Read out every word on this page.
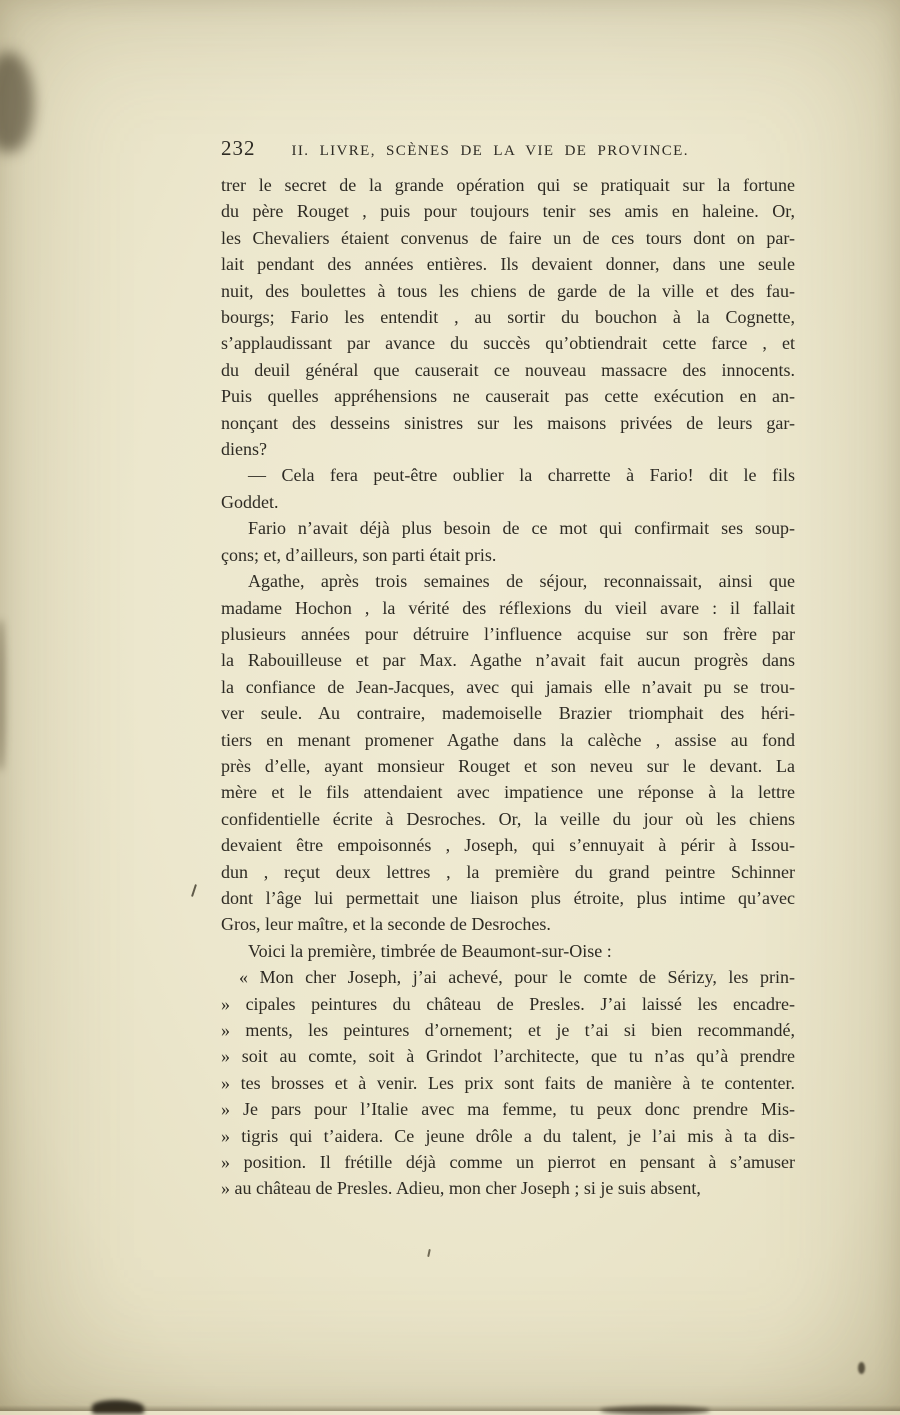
232 II. LIVRE, SCÈNES DE LA VIE DE PROVINCE.
trer le secret de la grande opération qui se pratiquait sur la fortune
du père Rouget , puis pour toujours tenir ses amis en haleine. Or,
les Chevaliers étaient convenus de faire un de ces tours dont on par-
lait pendant des années entières. Ils devaient donner, dans une seule
nuit, des boulettes à tous les chiens de garde de la ville et des fau-
bourgs; Fario les entendit , au sortir du bouchon à la Cognette,
s’applaudissant par avance du succès qu’obtiendrait cette farce , et
du deuil général que causerait ce nouveau massacre des innocents.
Puis quelles appréhensions ne causerait pas cette exécution en an-
nonçant des desseins sinistres sur les maisons privées de leurs gar-
diens?
— Cela fera peut-être oublier la charrette à Fario! dit le fils
Goddet.
Fario n’avait déjà plus besoin de ce mot qui confirmait ses soup-
çons; et, d’ailleurs, son parti était pris.
Agathe, après trois semaines de séjour, reconnaissait, ainsi que
madame Hochon , la vérité des réflexions du vieil avare : il fallait
plusieurs années pour détruire l’influence acquise sur son frère par
la Rabouilleuse et par Max. Agathe n’avait fait aucun progrès dans
la confiance de Jean-Jacques, avec qui jamais elle n’avait pu se trou-
ver seule. Au contraire, mademoiselle Brazier triomphait des héri-
tiers en menant promener Agathe dans la calèche , assise au fond
près d’elle, ayant monsieur Rouget et son neveu sur le devant. La
mère et le fils attendaient avec impatience une réponse à la lettre
confidentielle écrite à Desroches. Or, la veille du jour où les chiens
devaient être empoisonnés , Joseph, qui s’ennuyait à périr à Issou-
dun , reçut deux lettres , la première du grand peintre Schinner
dont l’âge lui permettait une liaison plus étroite, plus intime qu’avec
Gros, leur maître, et la seconde de Desroches.
Voici la première, timbrée de Beaumont-sur-Oise :
« Mon cher Joseph, j’ai achevé, pour le comte de Sérizy, les prin-
» cipales peintures du château de Presles. J’ai laissé les encadre-
» ments, les peintures d’ornement; et je t’ai si bien recommandé,
» soit au comte, soit à Grindot l’architecte, que tu n’as qu’à prendre
» tes brosses et à venir. Les prix sont faits de manière à te contenter.
» Je pars pour l’Italie avec ma femme, tu peux donc prendre Mis-
» tigris qui t’aidera. Ce jeune drôle a du talent, je l’ai mis à ta dis-
» position. Il frétille déjà comme un pierrot en pensant à s’amuser
» au château de Presles. Adieu, mon cher Joseph ; si je suis absent,
